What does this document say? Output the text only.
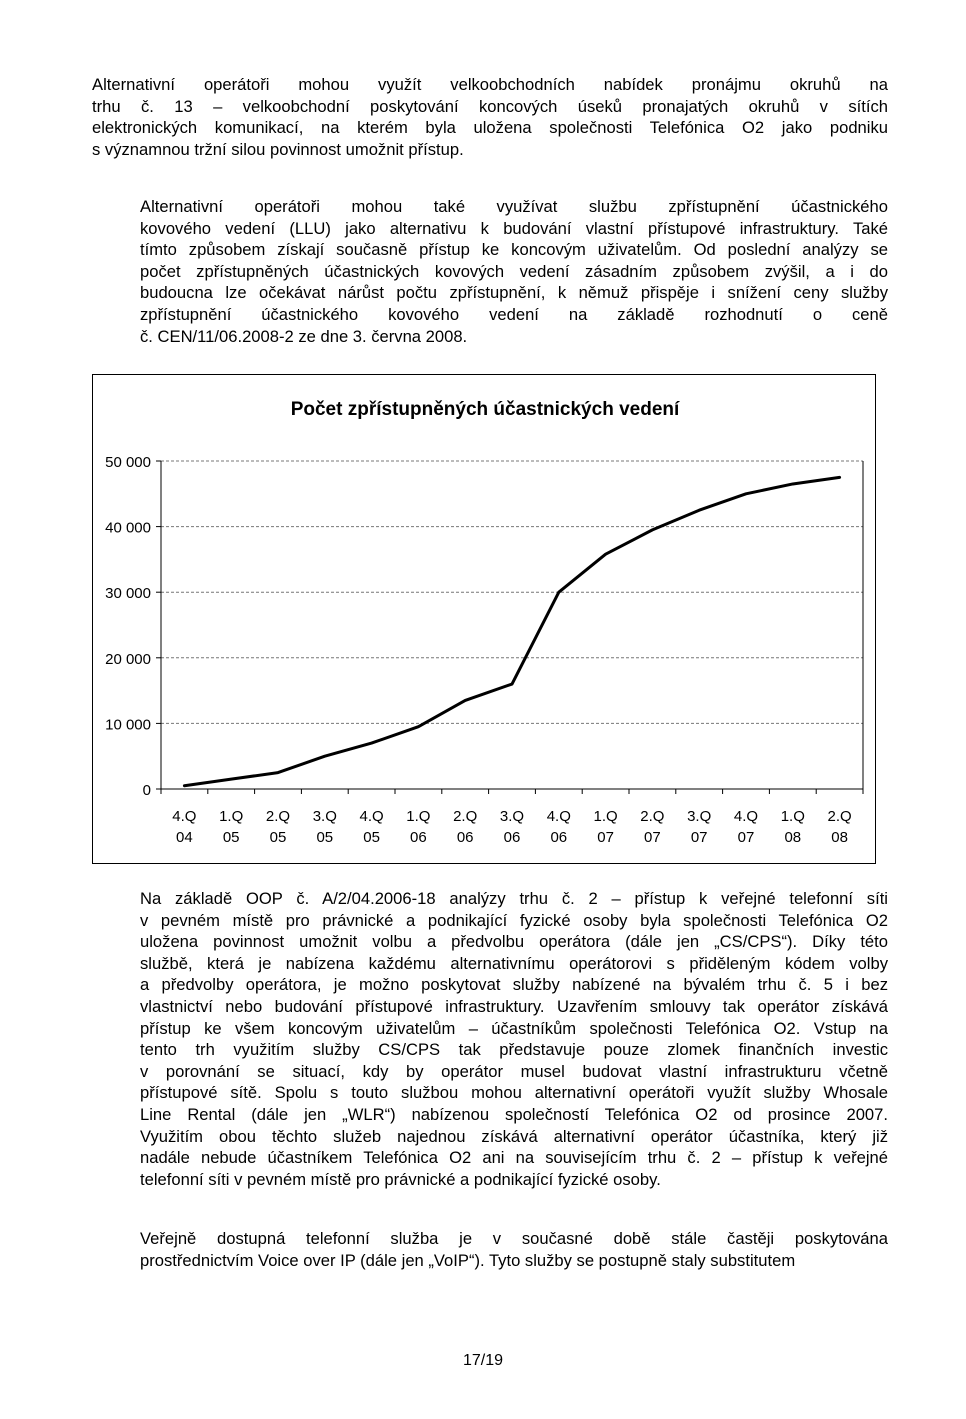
Alternativní operátoři mohou využít velkoobchodních nabídek pronájmu okruhů na
trhu č. 13 – velkoobchodní poskytování koncových úseků pronajatých okruhů v sítích
elektronických komunikací, na kterém byla uložena společnosti Telefónica O2 jako podniku
s významnou tržní silou povinnost umožnit přístup.
Alternativní operátoři mohou také využívat službu zpřístupnění účastnického
kovového vedení (LLU) jako alternativu k budování vlastní přístupové infrastruktury. Také
tímto způsobem získají současně přístup ke koncovým uživatelům. Od poslední analýzy se
počet zpřístupněných účastnických kovových vedení zásadním způsobem zvýšil, a i do
budoucna lze očekávat nárůst počtu zpřístupnění, k němuž přispěje i snížení ceny služby
zpřístupnění účastnického kovového vedení na základě rozhodnutí o ceně
č. CEN/11/06.2008-2 ze dne 3. června 2008.
Počet zpřístupněných účastnických vedení
0
10 000
20 000
30 000
40 000
50 000
4.Q
04
1.Q
05
2.Q
05
3.Q
05
4.Q
05
1.Q
06
2.Q
06
3.Q
06
4.Q
06
1.Q
07
2.Q
07
3.Q
07
4.Q
07
1.Q
08
2.Q
08
Na základě OOP č. A/2/04.2006-18 analýzy trhu č. 2 – přístup k veřejné telefonní síti
v pevném místě pro právnické a podnikající fyzické osoby byla společnosti Telefónica O2
uložena povinnost umožnit volbu a předvolbu operátora (dále jen „CS/CPS“). Díky této
službě, která je nabízena každému alternativnímu operátorovi s přiděleným kódem volby
a předvolby operátora, je možno poskytovat služby nabízené na bývalém trhu č. 5 i bez
vlastnictví nebo budování přístupové infrastruktury. Uzavřením smlouvy tak operátor získává
přístup ke všem koncovým uživatelům – účastníkům společnosti Telefónica O2. Vstup na
tento trh využitím služby CS/CPS tak představuje pouze zlomek finančních investic
v porovnání se situací, kdy by operátor musel budovat vlastní infrastrukturu včetně
přístupové sítě. Spolu s touto službou mohou alternativní operátoři využít služby Whosale
Line Rental (dále jen „WLR“) nabízenou společností Telefónica O2 od prosince 2007.
Využitím obou těchto služeb najednou získává alternativní operátor účastníka, který již
nadále nebude účastníkem Telefónica O2 ani na souvisejícím trhu č. 2 – přístup k veřejné
telefonní síti v pevném místě pro právnické a podnikající fyzické osoby.
Veřejně dostupná telefonní služba je v současné době stále častěji poskytována
prostřednictvím Voice over IP (dále jen „VoIP“). Tyto služby se postupně staly substitutem
17/19
